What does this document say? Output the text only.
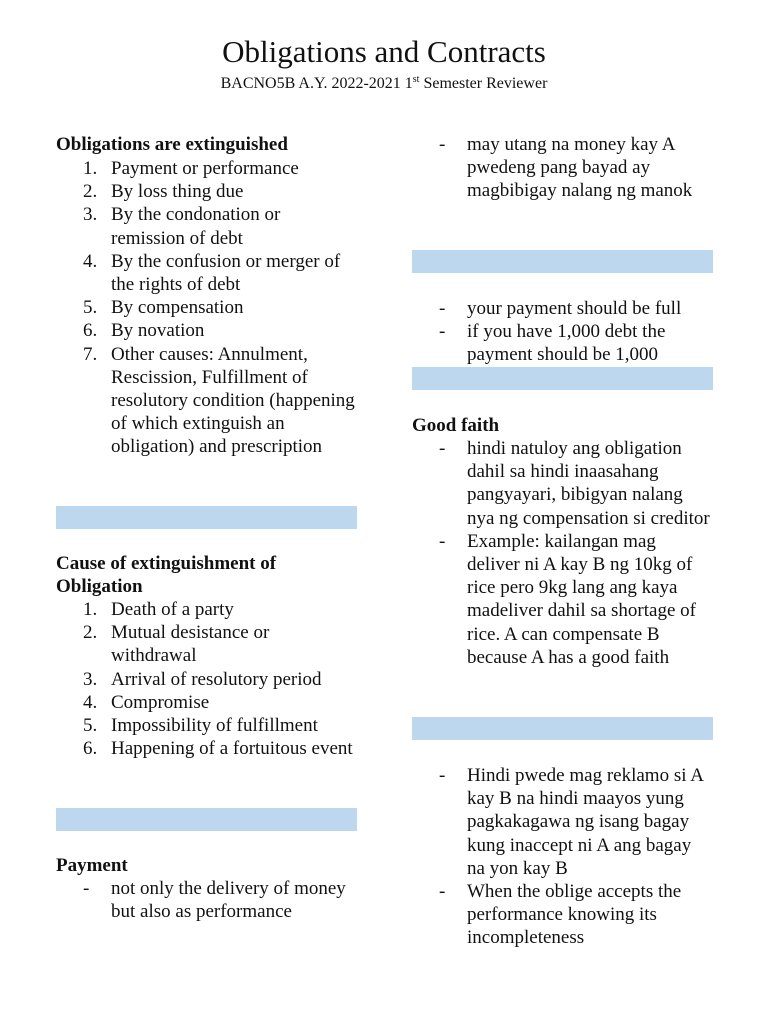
Obligations and Contracts
BACNO5B A.Y. 2022-2021 1st Semester Reviewer
Obligations are extinguished
1. Payment or performance
2. By loss thing due
3. By the condonation or remission of debt
4. By the confusion or merger of the rights of debt
5. By compensation
6. By novation
7. Other causes: Annulment, Rescission, Fulfillment of resolutory condition (happening of which extinguish an obligation) and prescription
Cause of extinguishment of Obligation
1. Death of a party
2. Mutual desistance or withdrawal
3. Arrival of resolutory period
4. Compromise
5. Impossibility of fulfillment
6. Happening of a fortuitous event
Payment
- not only the delivery of money but also as performance
- may utang na money kay A pwedeng pang bayad ay magbibigay nalang ng manok
- your payment should be full
- if you have 1,000 debt the payment should be 1,000
Good faith
- hindi natuloy ang obligation dahil sa hindi inaasahang pangyayari, bibigyan nalang nya ng compensation si creditor
- Example: kailangan mag deliver ni A kay B ng 10kg of rice pero 9kg lang ang kaya madeliver dahil sa shortage of rice. A can compensate B because A has a good faith
- Hindi pwede mag reklamo si A kay B na hindi maayos yung pagkakagawa ng isang bagay kung inaccept ni A ang bagay na yon kay B
- When the oblige accepts the performance knowing its incompleteness
